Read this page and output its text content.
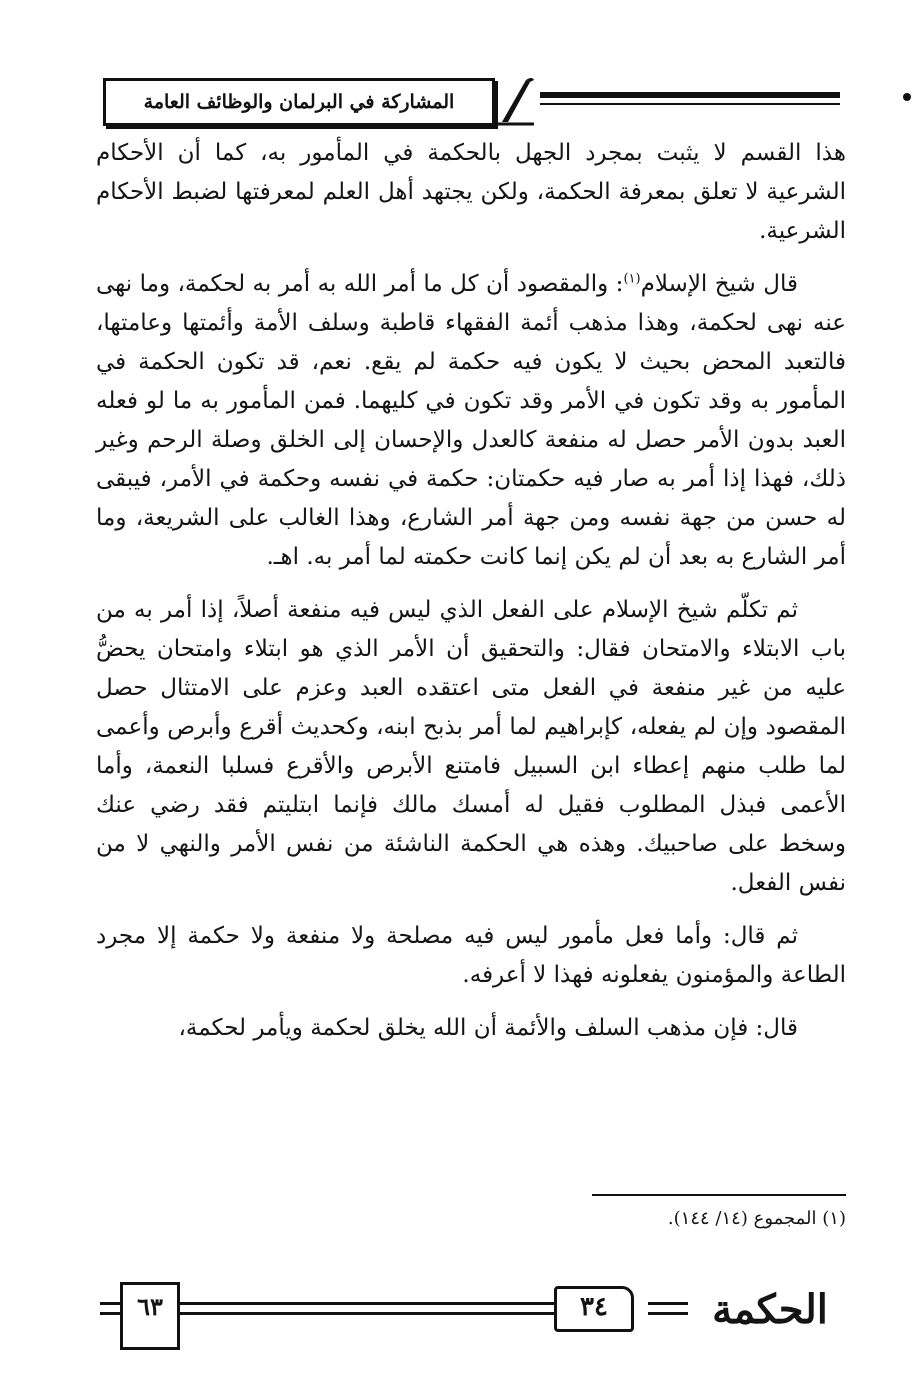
المشاركة في البرلمان والوظائف العامة

هذا القسم لا يثبت بمجرد الجهل بالحكمة في المأمور به، كما أن الأحكام الشرعية لا تعلق بمعرفة الحكمة، ولكن يجتهد أهل العلم لمعرفتها لضبط الأحكام الشرعية.

قال شيخ الإسلام$^{(١)}$: والمقصود أن كل ما أمر الله به أمر به لحكمة، وما نهى عنه نهى لحكمة، وهذا مذهب أئمة الفقهاء قاطبة وسلف الأمة وأئمتها وعامتها، فالتعبد المحض بحيث لا يكون فيه حكمة لم يقع. نعم، قد تكون الحكمة في المأمور به وقد تكون في الأمر وقد تكون في كليهما. فمن المأمور به ما لو فعله العبد بدون الأمر حصل له منفعة كالعدل والإحسان إلى الخلق وصلة الرحم وغير ذلك، فهذا إذا أمر به صار فيه حكمتان: حكمة في نفسه وحكمة في الأمر، فيبقى له حسن من جهة نفسه ومن جهة أمر الشارع، وهذا الغالب على الشريعة، وما أمر الشارع به بعد أن لم يكن إنما كانت حكمته لما أمر به. اهـ.

ثم تكلّم شيخ الإسلام على الفعل الذي ليس فيه منفعة أصلاً، إذا أمر به من باب الابتلاء والامتحان فقال: والتحقيق أن الأمر الذي هو ابتلاء وامتحان يحضُّ عليه من غير منفعة في الفعل متى اعتقده العبد وعزم على الامتثال حصل المقصود وإن لم يفعله، كإبراهيم لما أمر بذبح ابنه، وكحديث أقرع وأبرص وأعمى لما طلب منهم إعطاء ابن السبيل فامتنع الأبرص والأقرع فسلبا النعمة، وأما الأعمى فبذل المطلوب فقيل له أمسك مالك فإنما ابتليتم فقد رضي عنك وسخط على صاحبيك. وهذه هي الحكمة الناشئة من نفس الأمر والنهي لا من نفس الفعل.

ثم قال: وأما فعل مأمور ليس فيه مصلحة ولا منفعة ولا حكمة إلا مجرد الطاعة والمؤمنون يفعلونه فهذا لا أعرفه.

قال: فإن مذهب السلف والأئمة أن الله يخلق لحكمة ويأمر لحكمة،

(١) المجموع (١٤/ ١٤٤).
٦٣	٣٤	الحكمة
